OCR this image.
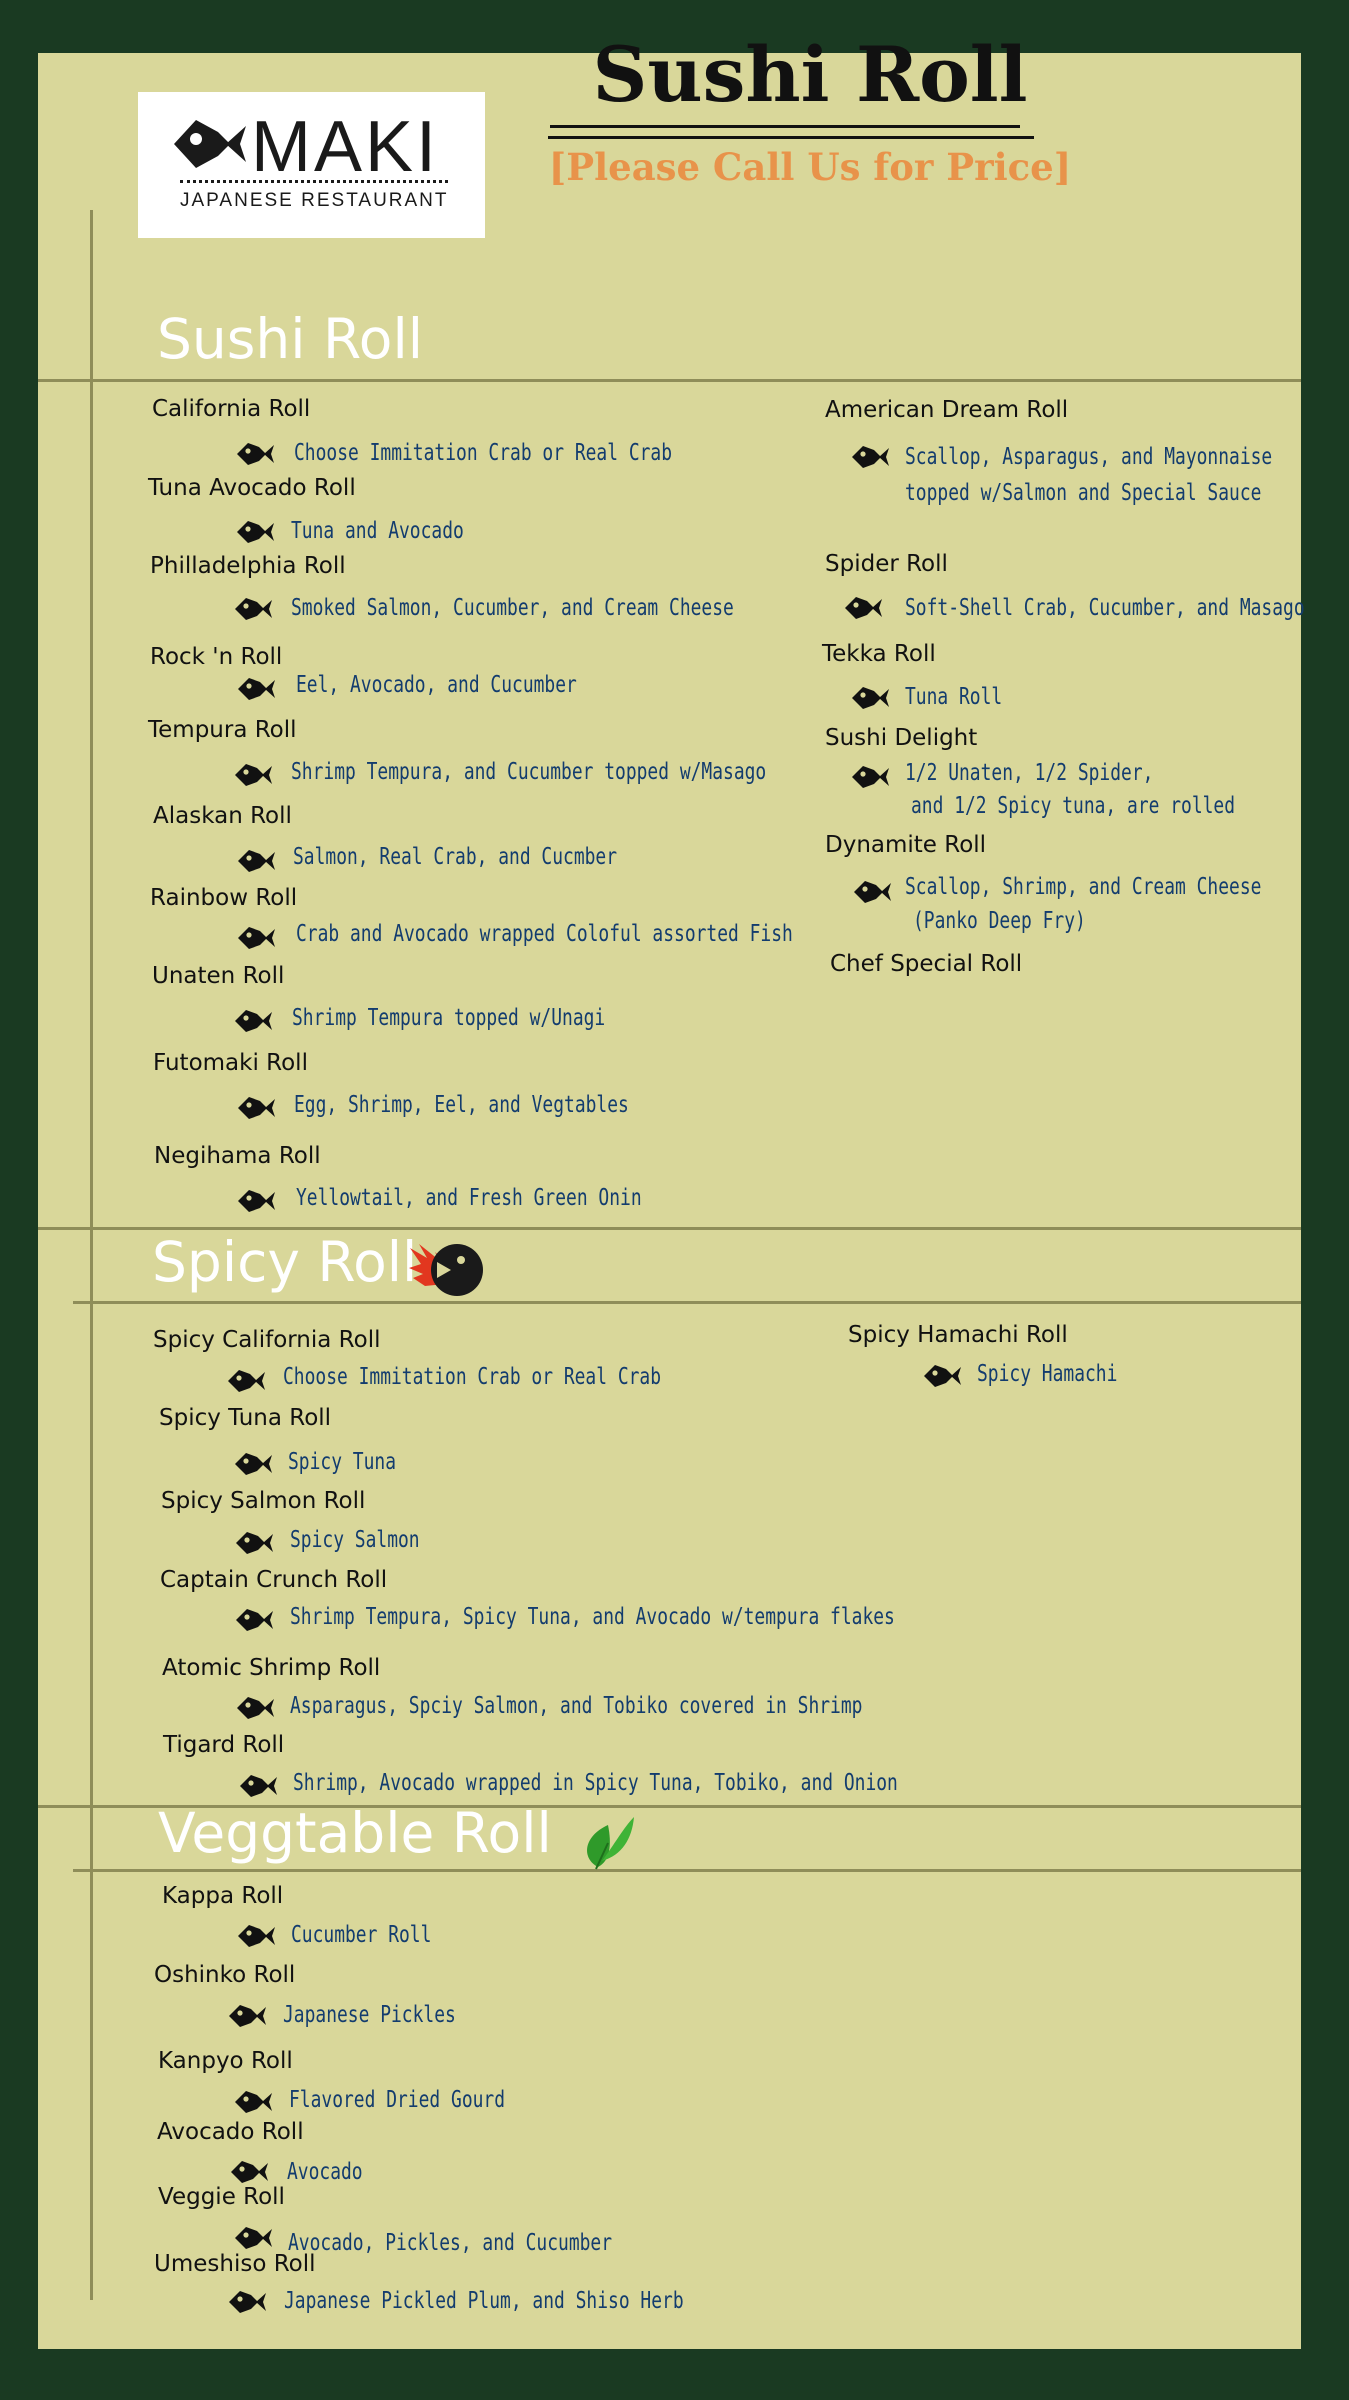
MAKI
JAPANESE RESTAURANT
Sushi Roll
[Please Call Us for Price]
Sushi Roll
Spicy Roll
Veggtable Roll
California Roll
Choose Immitation Crab or Real Crab
Tuna Avocado Roll
Tuna and Avocado
Philladelphia Roll
Smoked Salmon, Cucumber, and Cream Cheese
Rock 'n Roll
Eel, Avocado, and Cucumber
Tempura Roll
Shrimp Tempura, and Cucumber topped w/Masago
Alaskan Roll
Salmon, Real Crab, and Cucmber
Rainbow Roll
Crab and Avocado wrapped Coloful assorted Fish
Unaten Roll
Shrimp Tempura topped w/Unagi
Futomaki Roll
Egg, Shrimp, Eel, and Vegtables
Negihama Roll
Yellowtail, and Fresh Green Onin
American Dream Roll
Scallop, Asparagus, and Mayonnaise
topped w/Salmon and Special Sauce
Spider Roll
Soft-Shell Crab, Cucumber, and Masago
Tekka Roll
Tuna Roll
Sushi Delight
1/2 Unaten, 1/2 Spider,
and 1/2 Spicy tuna, are rolled
Dynamite Roll
Scallop, Shrimp, and Cream Cheese
(Panko Deep Fry)
Chef Special Roll
Spicy California Roll
Choose Immitation Crab or Real Crab
Spicy Tuna Roll
Spicy Tuna
Spicy Salmon Roll
Spicy Salmon
Captain Crunch Roll
Shrimp Tempura, Spicy Tuna, and Avocado w/tempura flakes
Atomic Shrimp Roll
Asparagus, Spciy Salmon, and Tobiko covered in Shrimp
Tigard Roll
Shrimp, Avocado wrapped in Spicy Tuna, Tobiko, and Onion
Spicy Hamachi Roll
Spicy Hamachi
Kappa Roll
Cucumber Roll
Oshinko Roll
Japanese Pickles
Kanpyo Roll
Flavored Dried Gourd
Avocado Roll
Avocado
Veggie Roll
Avocado, Pickles, and Cucumber
Umeshiso Roll
Japanese Pickled Plum, and Shiso Herb
